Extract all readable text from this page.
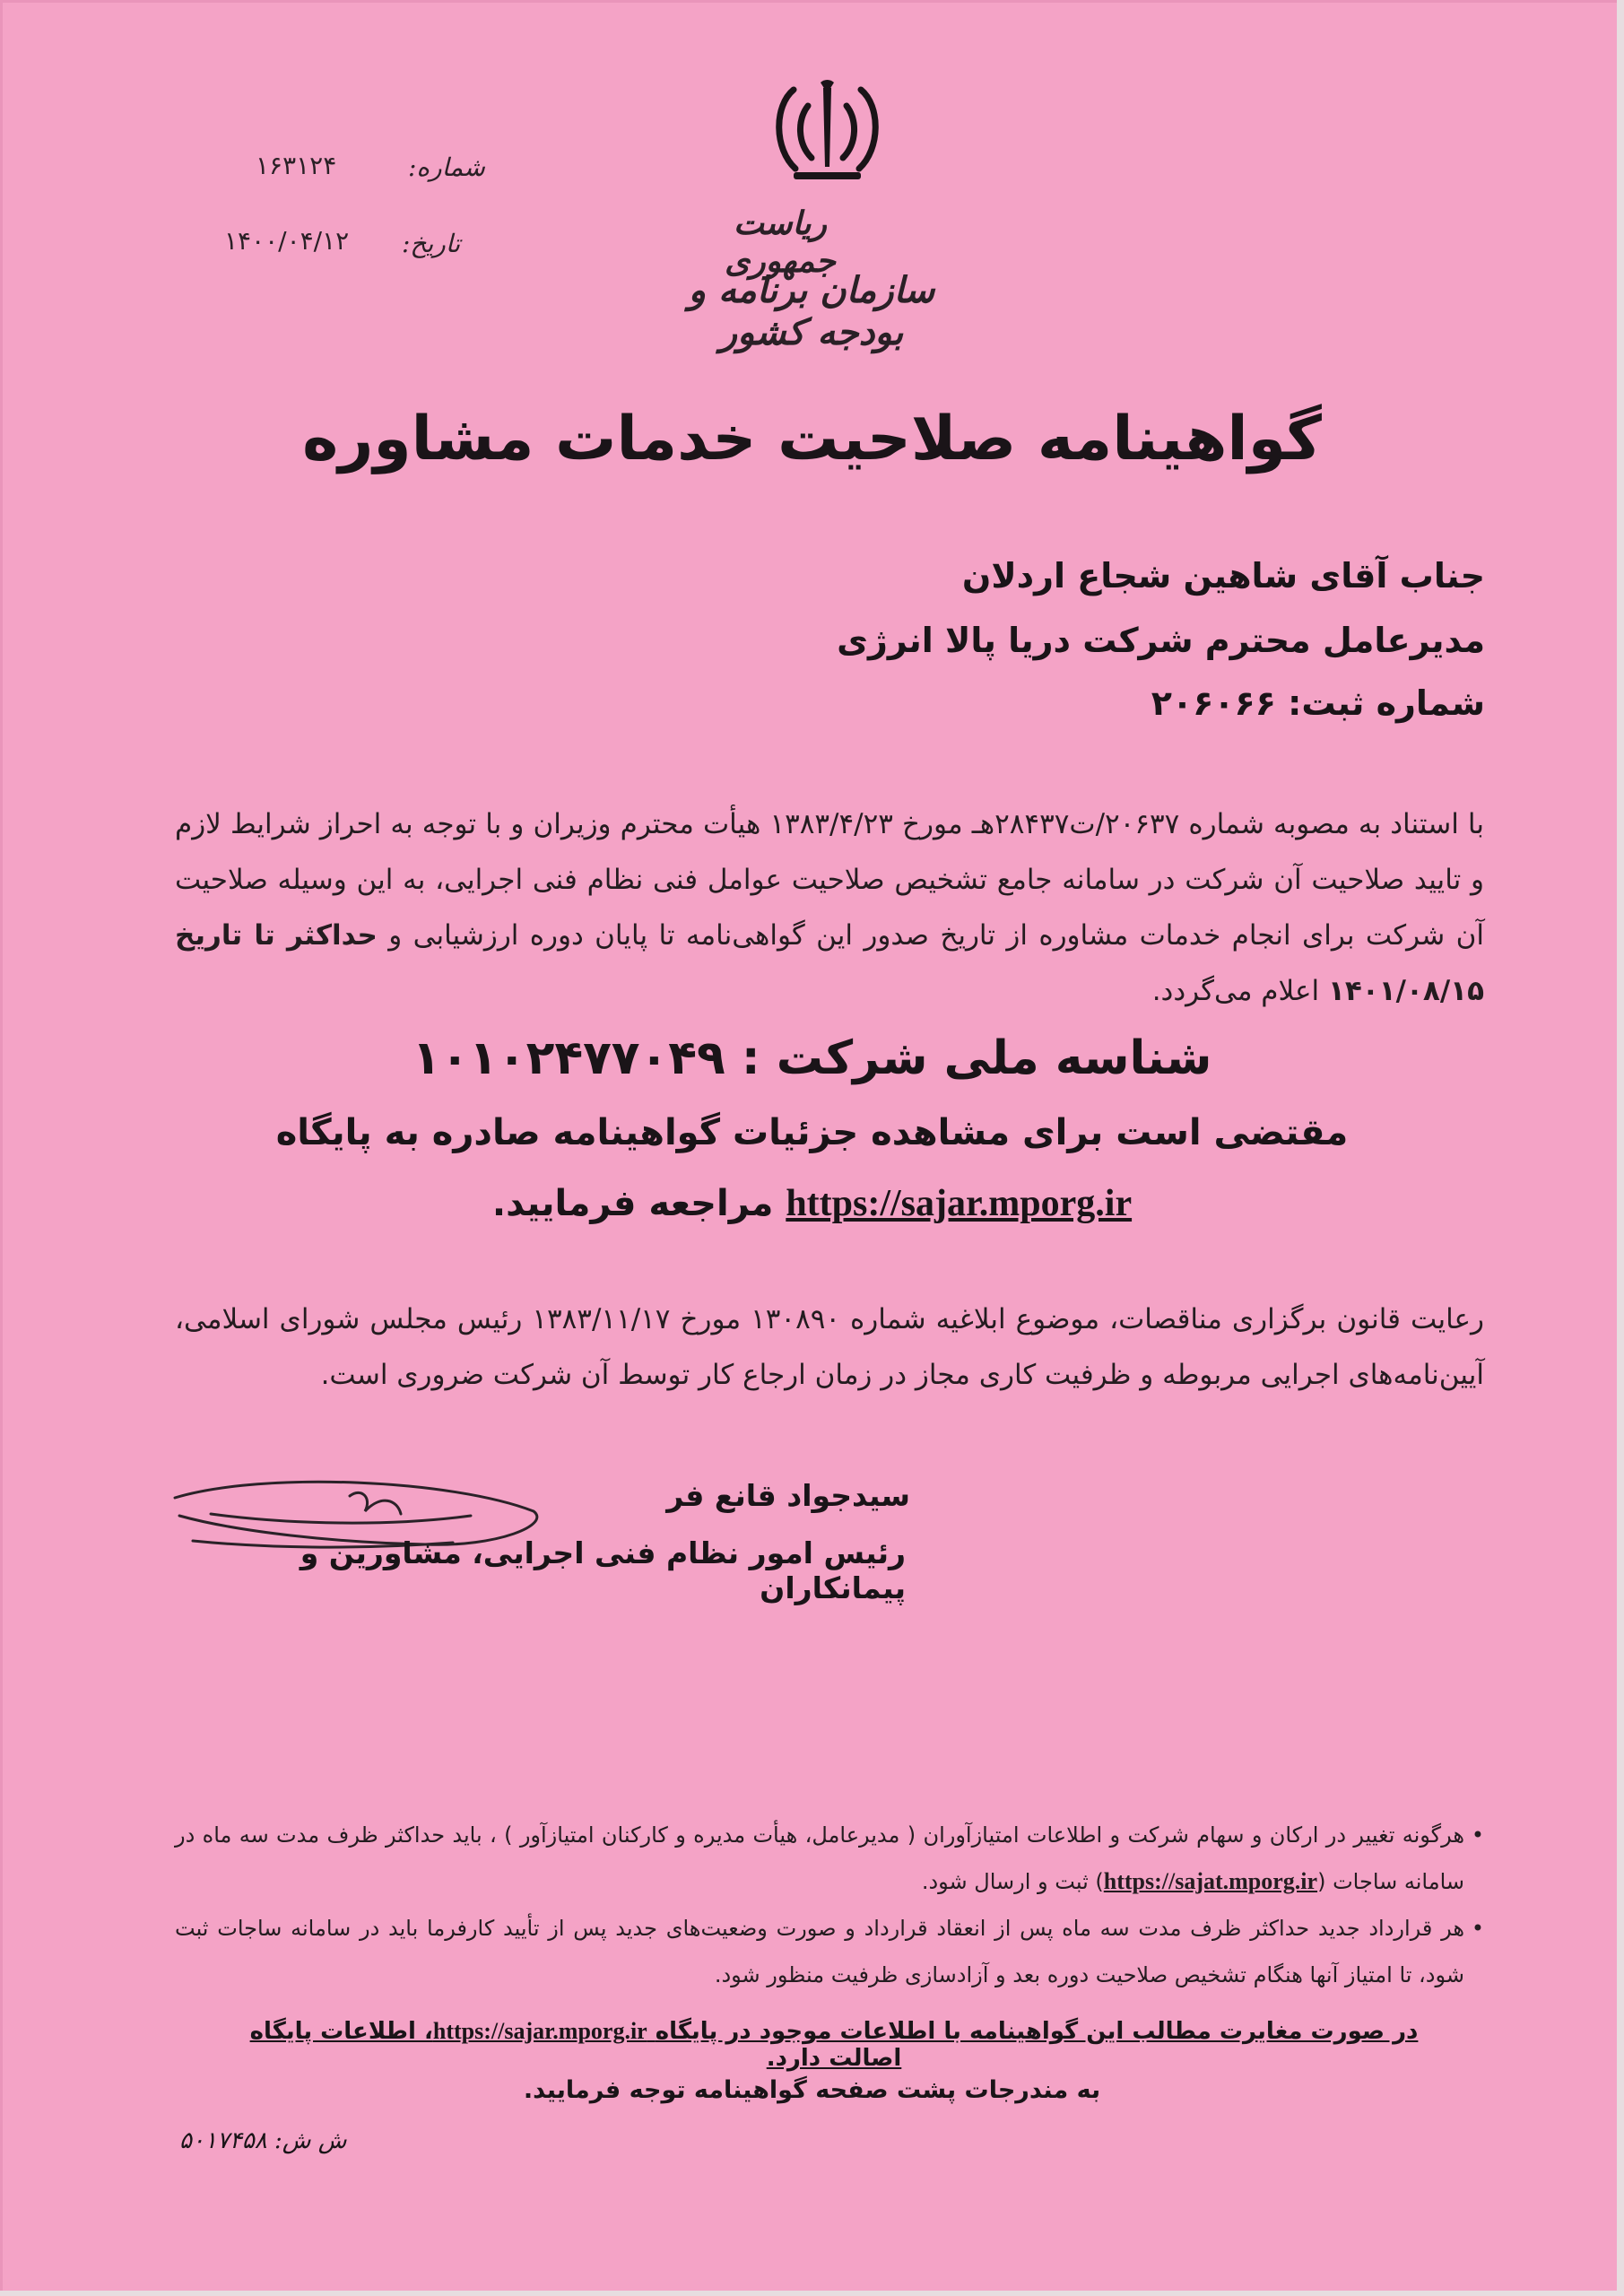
ریاست جمهوری
سازمان برنامه و بودجه کشور
شماره:
۱۶۳۱۲۴
تاریخ:
۱۴۰۰/۰۴/۱۲
گواهینامه صلاحیت خدمات مشاوره
جناب آقای شاهین شجاع اردلان
مدیرعامل محترم شرکت دریا پالا انرژی
شماره ثبت: ۲۰۶۰۶۶
با استناد به مصوبه شماره ۲۰۶۳۷/ت۲۸۴۳۷هـ مورخ ۱۳۸۳/۴/۲۳ هیأت محترم وزیران و با توجه به احراز شرایط لازم و تایید صلاحیت آن شرکت در سامانه جامع تشخیص صلاحیت عوامل فنی نظام فنی اجرایی، به این وسیله صلاحیت آن شرکت برای انجام خدمات مشاوره از تاریخ صدور این گواهی‌نامه تا پایان دوره ارزشیابی و حداکثر تا تاریخ ۱۴۰۱/۰۸/۱۵ اعلام می‌گردد.
شناسه ملی شرکت : ۱۰۱۰۲۴۷۷۰۴۹
مقتضی است برای مشاهده جزئیات گواهینامه صادره به پایگاه
https://sajar.mporg.ir مراجعه فرمایید.
رعایت قانون برگزاری مناقصات، موضوع ابلاغیه شماره ۱۳۰۸۹۰ مورخ ۱۳۸۳/۱۱/۱۷ رئیس مجلس شورای اسلامی، آیین‌نامه‌های اجرایی مربوطه و ظرفیت کاری مجاز در زمان ارجاع کار توسط آن شرکت ضروری است.
سیدجواد قانع فر
رئیس امور نظام فنی اجرایی، مشاورین و پیمانکاران
•
هرگونه تغییر در ارکان و سهام شرکت و اطلاعات امتیازآوران ( مدیرعامل، هیأت مدیره و کارکنان امتیازآور ) ، باید حداکثر ظرف مدت سه ماه در سامانه ساجات (https://sajat.mporg.ir) ثبت و ارسال شود.
•
هر قرارداد جدید حداکثر ظرف مدت سه ماه پس از انعقاد قرارداد و صورت وضعیت‌های جدید پس از تأیید کارفرما باید در سامانه ساجات ثبت شود، تا امتیاز آنها هنگام تشخیص صلاحیت دوره بعد و آزادسازی ظرفیت منظور شود.
در صورت مغایرت مطالب این گواهینامه با اطلاعات موجود در پایگاه https://sajar.mporg.ir، اطلاعات پایگاه اصالت دارد.
به مندرجات پشت صفحه گواهینامه توجه فرمایید.
ش ش: ۵۰۱۷۴۵۸
